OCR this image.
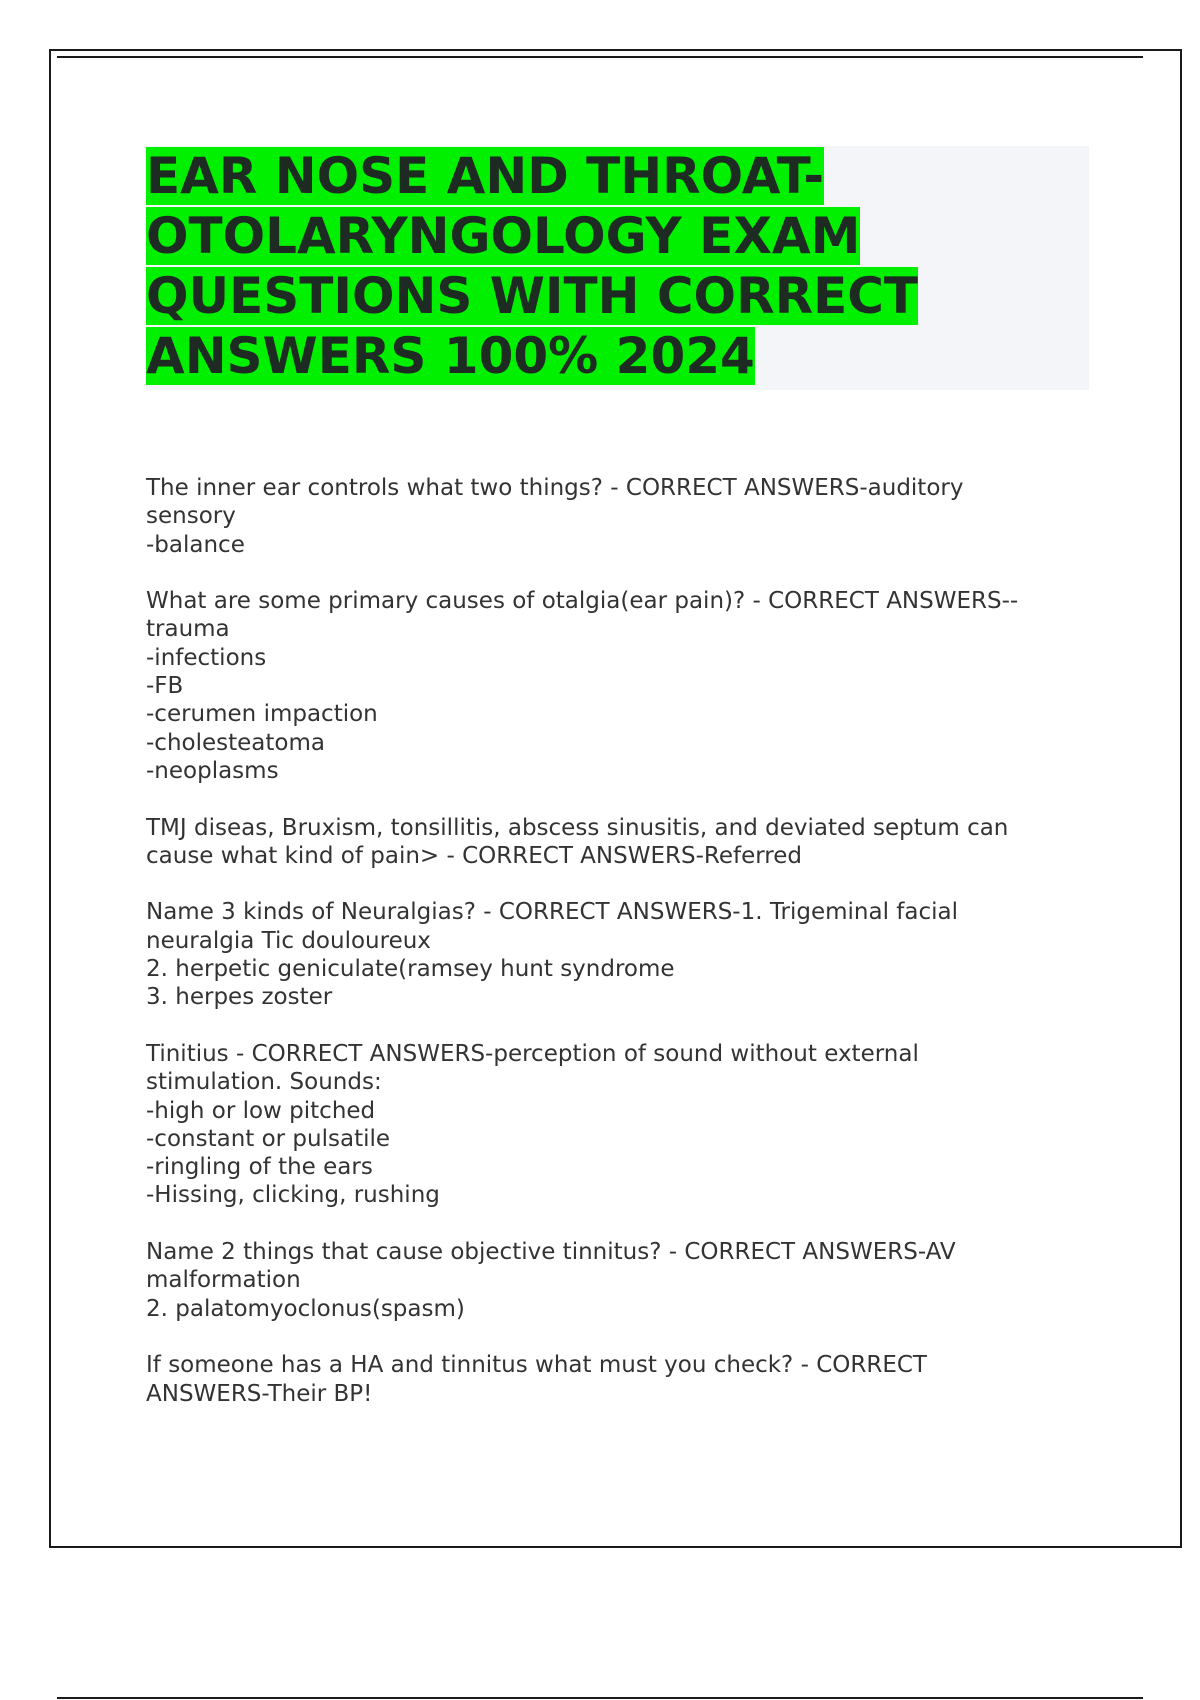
EAR NOSE AND THROAT-
OTOLARYNGOLOGY EXAM
QUESTIONS WITH CORRECT
ANSWERS 100% 2024
The inner ear controls what two things? - CORRECT ANSWERS-auditory
sensory
-balance
What are some primary causes of otalgia(ear pain)? - CORRECT ANSWERS--
trauma
-infections
-FB
-cerumen impaction
-cholesteatoma
-neoplasms
TMJ diseas, Bruxism, tonsillitis, abscess sinusitis, and deviated septum can
cause what kind of pain> - CORRECT ANSWERS-Referred
Name 3 kinds of Neuralgias? - CORRECT ANSWERS-1. Trigeminal facial
neuralgia Tic douloureux
2. herpetic geniculate(ramsey hunt syndrome
3. herpes zoster
Tinitius - CORRECT ANSWERS-perception of sound without external
stimulation. Sounds:
-high or low pitched
-constant or pulsatile
-ringling of the ears
-Hissing, clicking, rushing
Name 2 things that cause objective tinnitus? - CORRECT ANSWERS-AV
malformation
2. palatomyoclonus(spasm)
If someone has a HA and tinnitus what must you check? - CORRECT
ANSWERS-Their BP!
